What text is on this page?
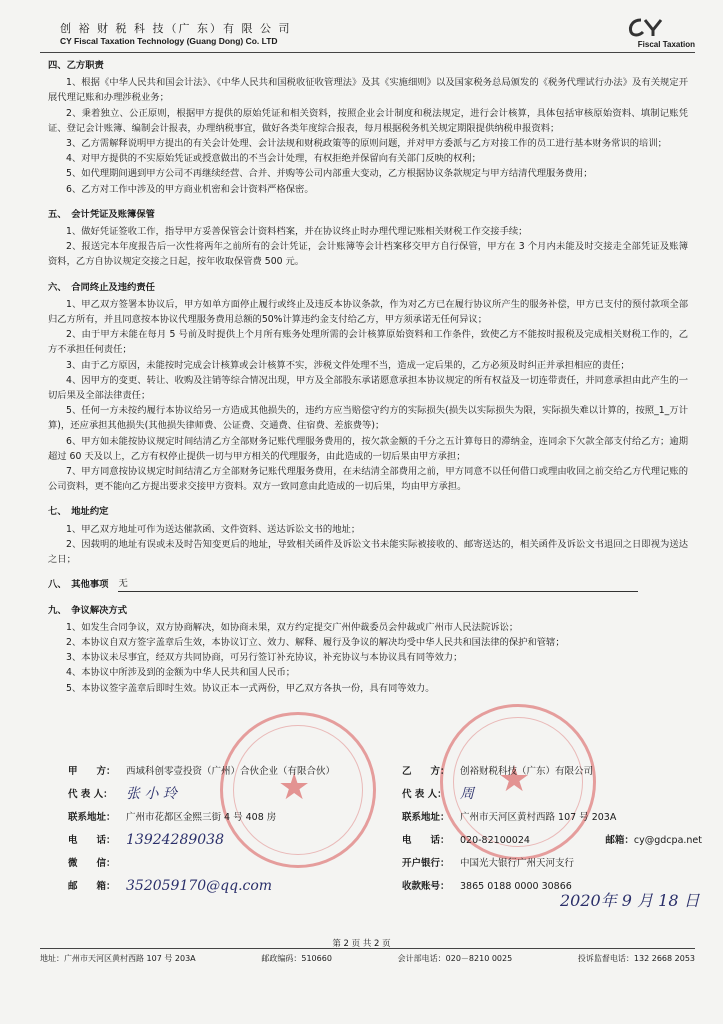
创 裕 财 税 科 技（广 东）有 限 公 司
CY Fiscal Taxation Technology (Guang Dong) Co. LTD	Fiscal Taxation
四、乙方职责

1、根据《中华人民共和国会计法》、《中华人民共和国税收征收管理法》及其《实施细则》以及国家税务总局颁发的《税务代理试行办法》及有关规定开展代理记账和办理涉税业务；

2、秉着独立、公正原则，根据甲方提供的原始凭证和相关资料，按照企业会计制度和税法规定，进行会计核算，具体包括审核原始资料、填制记账凭证、登记会计账簿、编制会计报表，办理纳税事宜，做好各类年度综合报表，每月根据税务机关规定期限提供纳税申报资料；

3、乙方需解释说明甲方提出的有关会计处理、会计法规和财税政策等的原则问题，并对甲方委派与乙方对接工作的员工进行基本财务常识的培训；

4、对甲方提供的不实原始凭证或授意做出的不当会计处理，有权拒绝并保留向有关部门反映的权利；

5、如代理期间遇到甲方公司不再继续经营、合并、并购等公司内部重大变动，乙方根据协议条款规定与甲方结清代理服务费用；

6、乙方对工作中涉及的甲方商业机密和会计资料严格保密。

五、　会计凭证及账簿保管

1、做好凭证签收工作，指导甲方妥善保管会计资料档案，并在协议终止时办理代理记账相关财税工作交接手续；

2、报送完本年度报告后一次性将两年之前所有的会计凭证，会计账簿等会计档案移交甲方自行保管，甲方在 3 个月内未能及时交接走全部凭证及账簿资料，乙方自协议规定交接之日起，按年收取保管费 500 元。

六、　合同终止及违约责任

1、甲乙双方签署本协议后，甲方如单方面停止履行或终止及违反本协议条款，作为对乙方已在履行协议所产生的服务补偿，甲方已支付的预付款项全部归乙方所有，并且同意按本协议代理服务费用总额的50%计算违约金支付给乙方，甲方须承诺无任何异议；

2、由于甲方未能在每月 5 号前及时提供上个月所有账务处理所需的会计核算原始资料和工作条件，致使乙方不能按时报税及完成相关财税工作的，乙方不承担任何责任；

3、由于乙方原因，未能按时完成会计核算或会计核算不实，涉税文件处理不当，造成一定后果的，乙方必须及时纠正并承担相应的责任；

4、因甲方的变更、转让、收购及注销等综合情况出现，甲方及全部股东承诺愿意承担本协议规定的所有权益及一切连带责任，并同意承担由此产生的一切后果及全部法律责任；

5、任何一方未按约履行本协议给另一方造成其他损失的，违约方应当赔偿守约方的实际损失(损失以实际损失为限，实际损失难以计算的，按照_1_万计算)，还应承担其他损失(其他损失律师费、公证费、交通费、住宿费、差旅费等)；

6、甲方如未能按协议规定时间结清乙方全部财务记账代理服务费用的，按欠款金额的千分之五计算每日的滞纳金，连同余下欠款全部支付给乙方；逾期超过 60 天及以上，乙方有权停止提供一切与甲方相关的代理服务，由此造成的一切后果由甲方承担；

7、甲方同意按协议规定时间结清乙方全部财务记账代理服务费用，在未结清全部费用之前，甲方同意不以任何借口或理由收回之前交给乙方代理记账的公司资料，更不能向乙方提出要求交接甲方资料。双方一致同意由此造成的一切后果，均由甲方承担。

七、　地址约定

1、甲乙双方地址可作为送达催款函、文件资料、送达诉讼文书的地址；

2、因载明的地址有误或未及时告知变更后的地址，导致相关函件及诉讼文书未能实际被接收的、邮寄送达的，相关函件及诉讼文书退回之日即视为送达之日；

八、　其他事项 无
九、　争议解决方式

1、如发生合同争议，双方协商解决，如协商未果，双方约定提交广州仲裁委员会仲裁或广州市人民法院诉讼；

2、本协议自双方签字盖章后生效，本协议订立、效力、解释、履行及争议的解决均受中华人民共和国法律的保护和管辖；

3、本协议未尽事宜，经双方共同协商，可另行签订补充协议，补充协议与本协议具有同等效力；

4、本协议中所涉及到的金额为中华人民共和国人民币；

5、本协议签字盖章后即时生效。协议正本一式两份，甲乙双方各执一份，具有同等效力。

★	★
甲　　方：	西域科创零壹投资（广州）合伙企业（有限合伙）
代 表 人： 张 小 玲
联系地址：	广州市花都区金熙三街 4 号 408 房
电　　话： 13924289038
微　　信：
邮　　箱： 352059170@qq.com
乙　　方：	创裕财税科技（广东）有限公司
代 表 人： 周
联系地址：	广州市天河区黄村西路 107 号 203A
电　　话：	020-82100024	邮箱： cy@gdcpa.net
开户银行：	中国光大银行广州天河支行
收款账号：	3865 0188 0000 30866
2020年 9 月 18 日
第 2 页 共 2 页
地址：广州市天河区黄村西路 107 号 203A	邮政编码：510660	会计部电话：020－8210 0025	投诉监督电话：132 2668 2053
